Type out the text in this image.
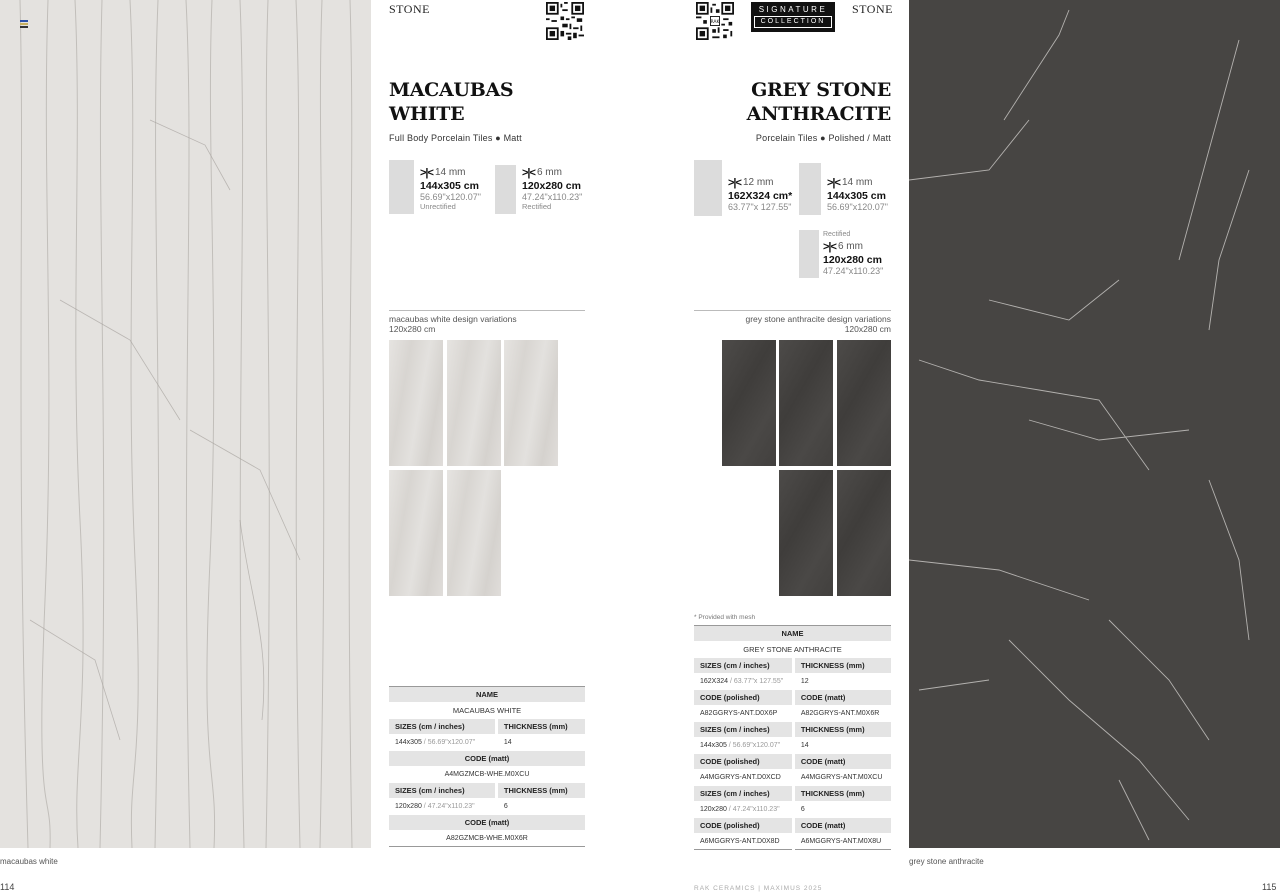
STONE
MACAUBAS
WHITE
Full Body Porcelain Tiles ● Matt
>|< 14 mm
144x305 cm
56.69"x120.07"
Unrectified
>|< 6 mm
120x280 cm
47.24"x110.23"
Rectified
macaubas white design variations
120x280 cm
NAME	
MACAUBAS WHITE	
SIZES (cm / inches)	THICKNESS (mm)
144x305 / 56.69"x120.07"	14
CODE (matt)	
A4MGZMCB-WHE.M0XCU	
SIZES (cm / inches)	THICKNESS (mm)
120x280 / 47.24"x110.23"	6
CODE (matt)	
A82GZMCB-WHE.M0X6R	
macaubas white
114
RAK
SIGNATURE
COLLECTION
STONE
GREY STONE
ANTHRACITE
Porcelain Tiles ● Polished / Matt
>|< 12 mm
162X324 cm*
63.77"x 127.55"
>|< 14 mm
144x305 cm
56.69"x120.07"
Rectified
>|< 6 mm
120x280 cm
47.24"x110.23"
grey stone anthracite design variations
120x280 cm
* Provided with mesh
NAME	
GREY STONE ANTHRACITE	
SIZES (cm / inches)	THICKNESS (mm)
162X324 / 63.77"x 127.55"	12
CODE (polished)	CODE (matt)
A82GGRYS-ANT.D0X6P	A82GGRYS-ANT.M0X6R
SIZES (cm / inches)	THICKNESS (mm)
144x305 / 56.69"x120.07"	14
CODE (polished)	CODE (matt)
A4MGGRYS-ANT.D0XCD	A4MGGRYS-ANT.M0XCU
SIZES (cm / inches)	THICKNESS (mm)
120x280 / 47.24"x110.23"	6
CODE (polished)	CODE (matt)
A6MGGRYS-ANT.D0X8D	A6MGGRYS-ANT.M0X8U
grey stone anthracite
115
RAK CERAMICS | MAXIMUS 2025
